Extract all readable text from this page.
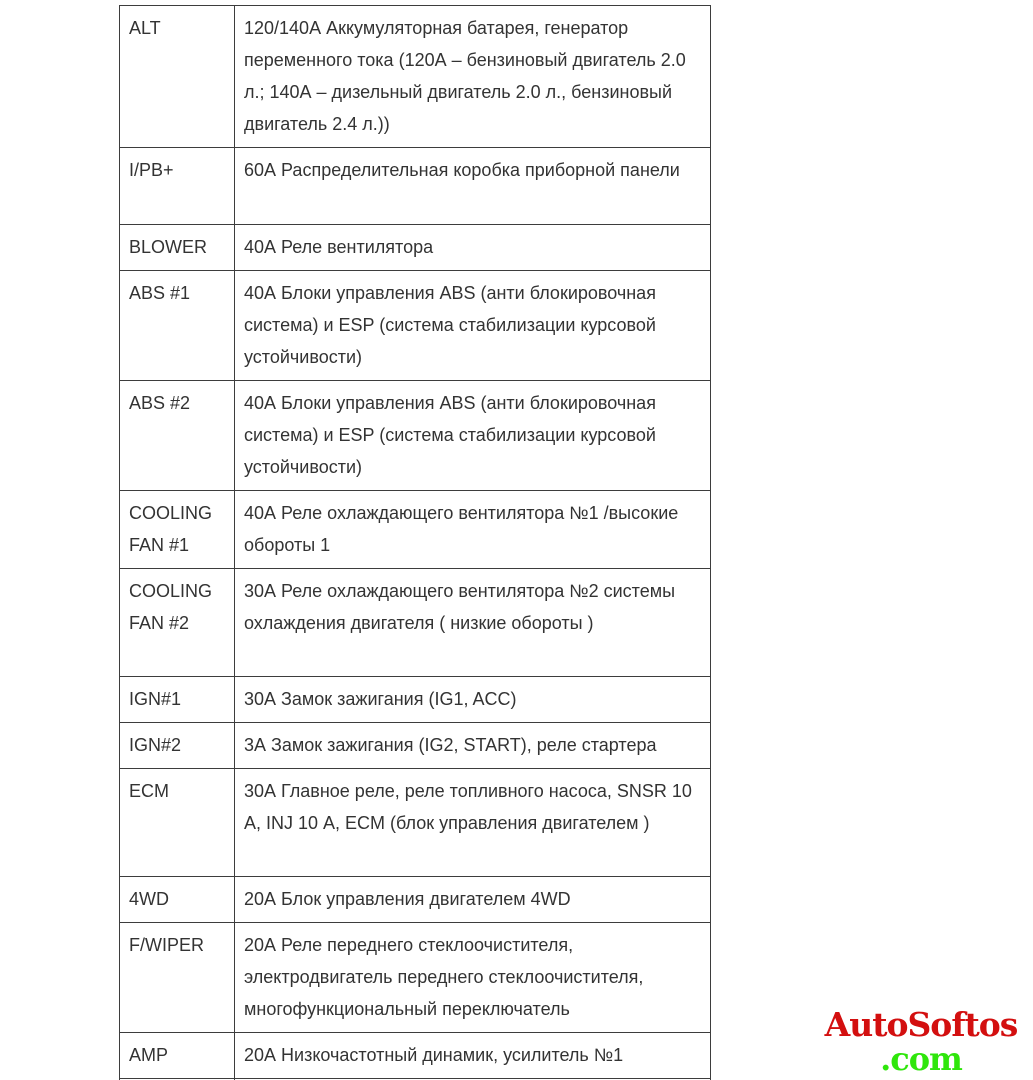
ALT	120/140А Аккумуляторная батарея, генератор переменного тока (120А – бензиновый двигатель 2.0 л.; 140А – дизельный двигатель 2.0 л., бензиновый двигатель 2.4 л.))
I/PB+	60А Распределительная коробка приборной панели
BLOWER	40А Реле вентилятора
ABS #1	40А Блоки управления ABS (анти блокировочная система) и ESP (система стабилизации курсовой устойчивости)
ABS #2	40А Блоки управления ABS (анти блокировочная система) и ESP (система стабилизации курсовой устойчивости)
COOLING FAN #1	40А Реле охлаждающего вентилятора №1 /высокие обороты 1
COOLING FAN #2	30А Реле охлаждающего вентилятора №2 системы охлаждения двигателя ( низкие обороты )
IGN#1	30А Замок зажигания (IG1, ACC)
IGN#2	3А Замок зажигания (IG2, START), реле стартера
ECM	30А Главное реле, реле топливного насоса, SNSR 10 А, INJ 10 А, ECM (блок управления двигателем )
4WD	20А Блок управления двигателем 4WD
F/WIPER	20А Реле переднего стеклоочистителя, электродвигатель переднего стеклоочистителя, многофункциональный переключатель
AMP	20А Низкочастотный динамик, усилитель №1

AutoSoftos
.com
